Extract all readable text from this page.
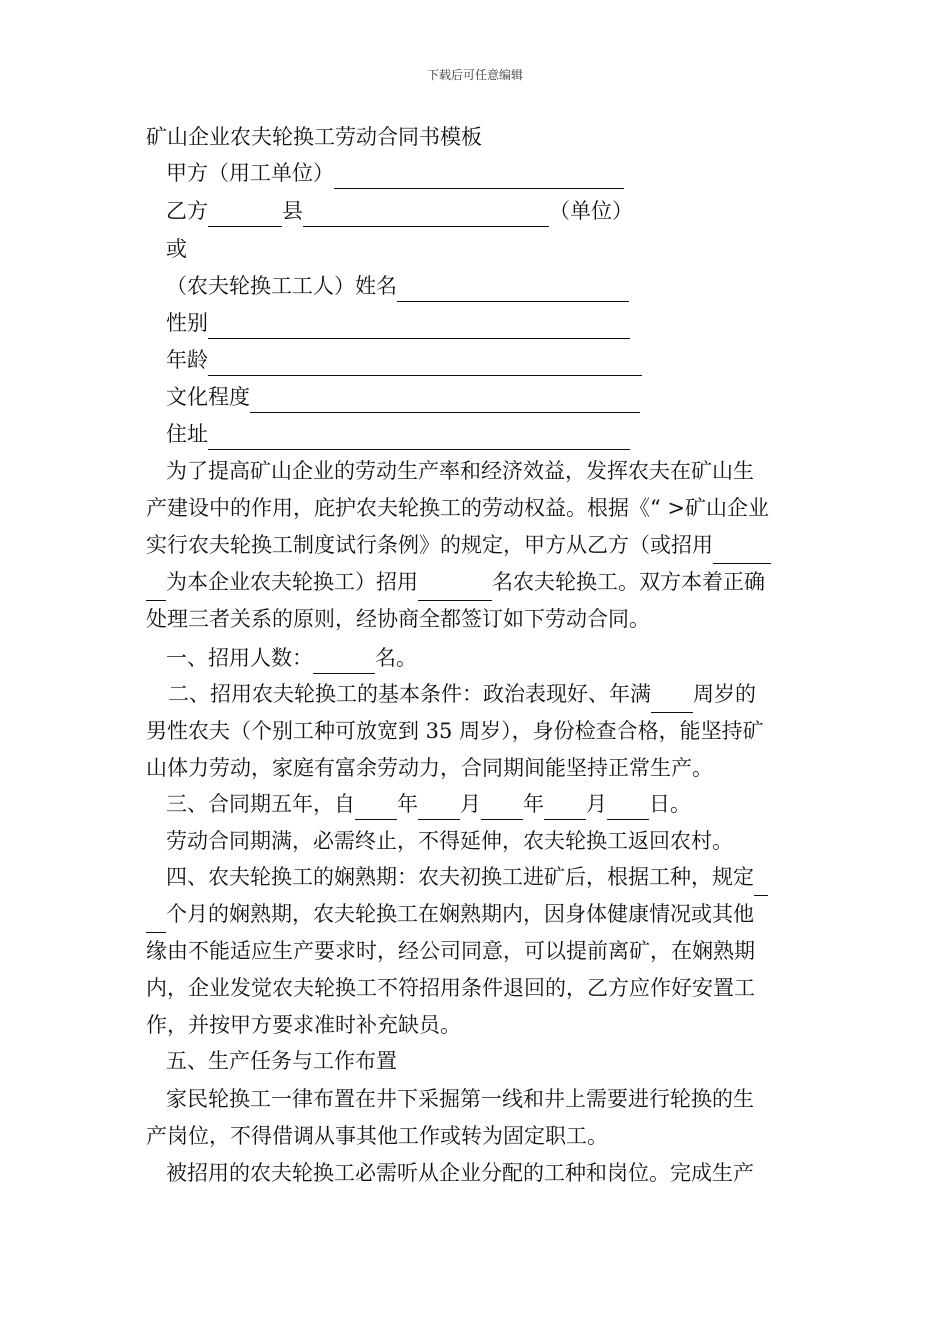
下载后可任意编辑
矿山企业农夫轮换工劳动合同书模板
甲方（用工单位）
乙方	县	（单位）
或
（农夫轮换工工人）姓名
性别
年龄
文化程度
住址
为了提高矿山企业的劳动生产率和经济效益，发挥农夫在矿山生
产建设中的作用，庇护农夫轮换工的劳动权益。根据《“ >矿山企业
实行农夫轮换工制度试行条例》的规定，甲方从乙方（或招用
为本企业农夫轮换工）招用	名农夫轮换工。双方本着正确
处理三者关系的原则，经协商全都签订如下劳动合同。
一、招用人数：	名。
二、招用农夫轮换工的基本条件：政治表现好、年满 周岁的
男性农夫（个别工种可放宽到 35 周岁），身份检查合格，能坚持矿
山体力劳动，家庭有富余劳动力，合同期间能坚持正常生产。
三、合同期五年，自 年 月 年 月 日。
劳动合同期满，必需终止，不得延伸，农夫轮换工返回农村。
四、农夫轮换工的娴熟期：农夫初换工进矿后，根据工种，规定
个月的娴熟期，农夫轮换工在娴熟期内，因身体健康情况或其他
缘由不能适应生产要求时，经公司同意，可以提前离矿，在娴熟期
内，企业发觉农夫轮换工不符招用条件退回的，乙方应作好安置工
作，并按甲方要求准时补充缺员。
五、生产任务与工作布置
家民轮换工一律布置在井下采掘第一线和井上需要进行轮换的生
产岗位，不得借调从事其他工作或转为固定职工。
被招用的农夫轮换工必需听从企业分配的工种和岗位。完成生产
